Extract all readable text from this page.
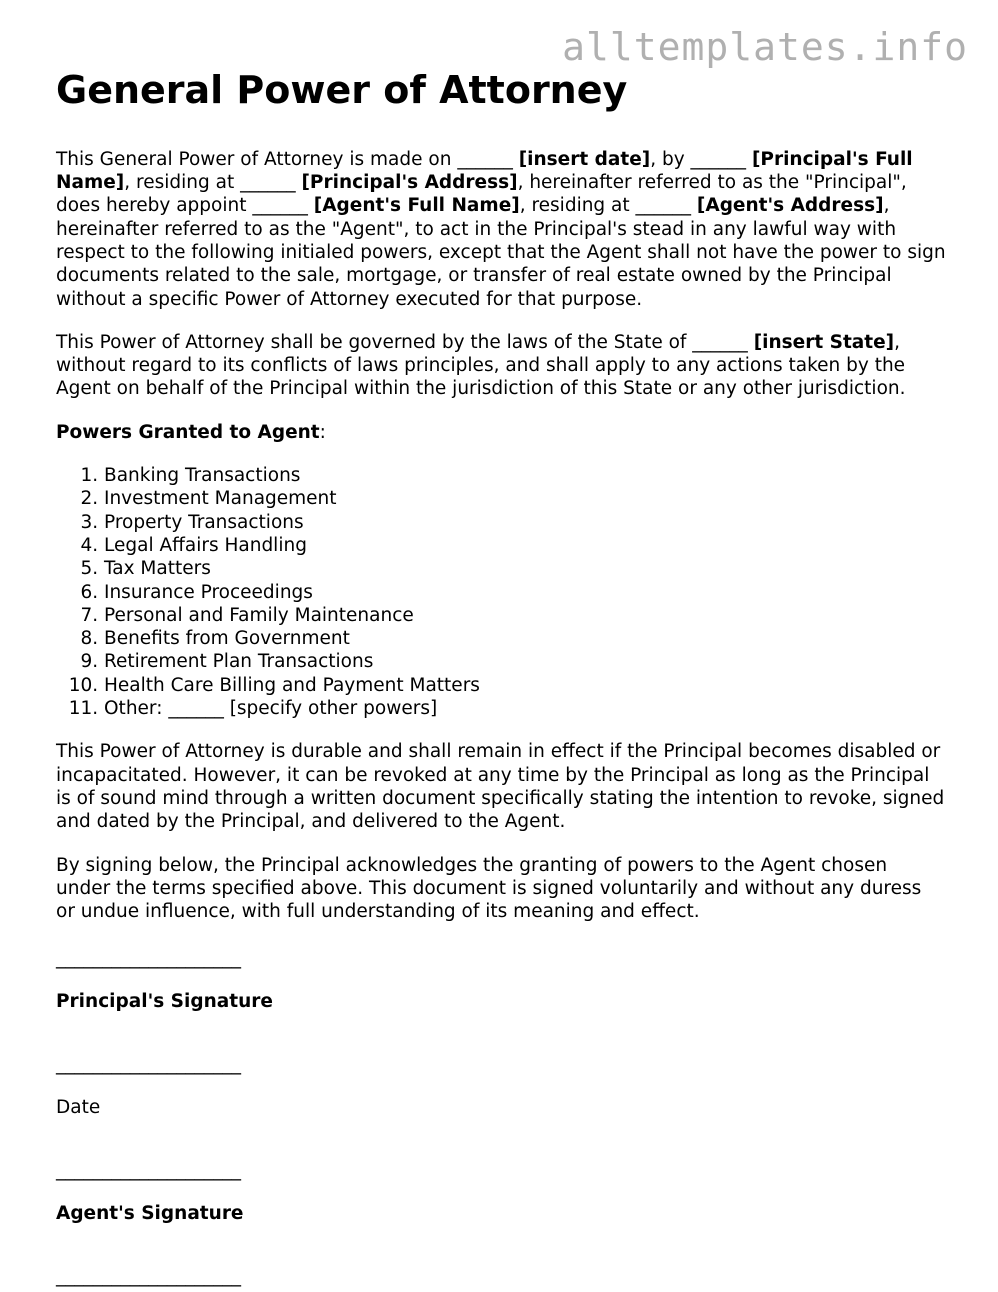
alltemplates.info
General Power of Attorney

This General Power of Attorney is made on ______ [insert date], by ______ [Principal's Full Name], residing at ______ [Principal's Address], hereinafter referred to as the "Principal", does hereby appoint ______ [Agent's Full Name], residing at ______ [Agent's Address], hereinafter referred to as the "Agent", to act in the Principal's stead in any lawful way with respect to the following initialed powers, except that the Agent shall not have the power to sign documents related to the sale, mortgage, or transfer of real estate owned by the Principal without a specific Power of Attorney executed for that purpose.

This Power of Attorney shall be governed by the laws of the State of ______ [insert State], without regard to its conflicts of laws principles, and shall apply to any actions taken by the Agent on behalf of the Principal within the jurisdiction of this State or any other jurisdiction.

Powers Granted to Agent:

1. Banking Transactions
2. Investment Management
3. Property Transactions
4. Legal Affairs Handling
5. Tax Matters
6. Insurance Proceedings
7. Personal and Family Maintenance
8. Benefits from Government
9. Retirement Plan Transactions
10. Health Care Billing and Payment Matters
11. Other: ______ [specify other powers]

This Power of Attorney is durable and shall remain in effect if the Principal becomes disabled or incapacitated. However, it can be revoked at any time by the Principal as long as the Principal is of sound mind through a written document specifically stating the intention to revoke, signed and dated by the Principal, and delivered to the Agent.

By signing below, the Principal acknowledges the granting of powers to the Agent chosen under the terms specified above. This document is signed voluntarily and without any duress or undue influence, with full understanding of its meaning and effect.

____________________
Principal's Signature
____________________
Date
____________________
Agent's Signature
____________________
